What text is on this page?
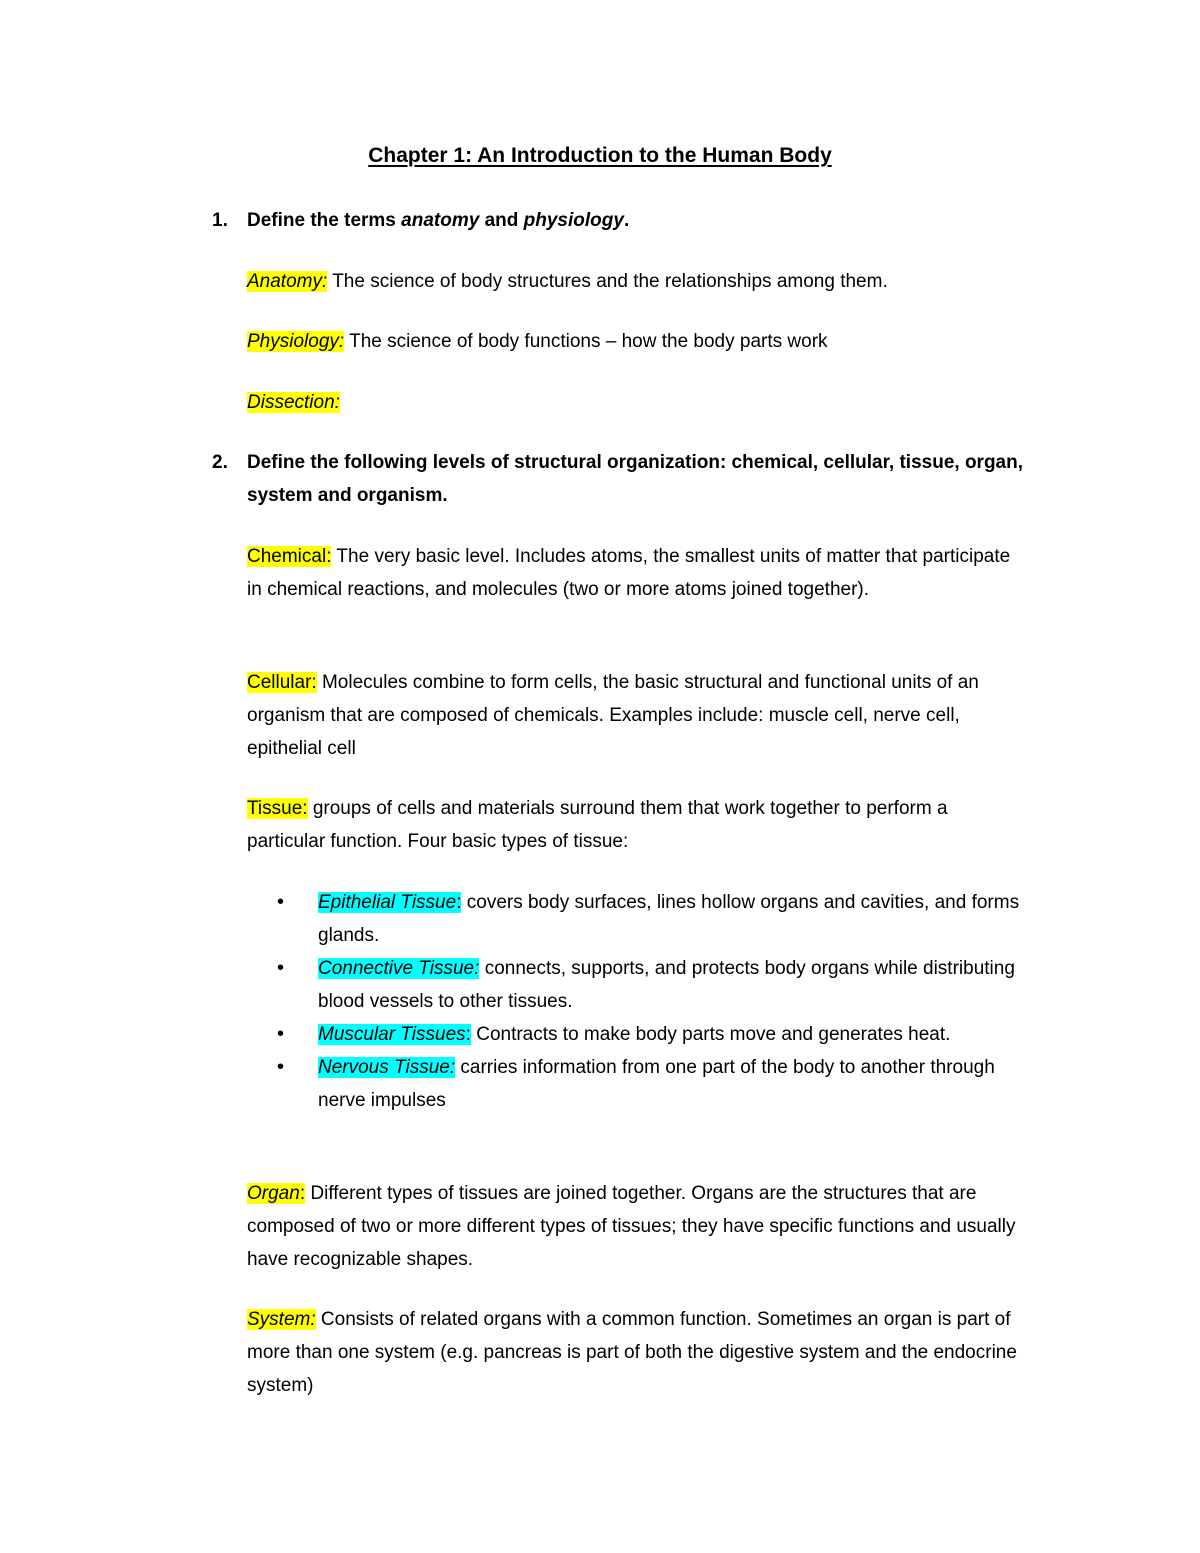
Chapter 1: An Introduction to the Human Body
1.	Define the terms anatomy and physiology.
Anatomy: The science of body structures and the relationships among them.
Physiology: The science of body functions – how the body parts work
Dissection:
2.	Define the following levels of structural organization: chemical, cellular, tissue, organ, system and organism.
Chemical: The very basic level. Includes atoms, the smallest units of matter that participate in chemical reactions, and molecules (two or more atoms joined together).
Cellular: Molecules combine to form cells, the basic structural and functional units of an organism that are composed of chemicals. Examples include: muscle cell, nerve cell, epithelial cell
Tissue: groups of cells and materials surround them that work together to perform a particular function. Four basic types of tissue:
• Epithelial Tissue: covers body surfaces, lines hollow organs and cavities, and forms glands.
• Connective Tissue: connects, supports, and protects body organs while distributing blood vessels to other tissues.
• Muscular Tissues: Contracts to make body parts move and generates heat.
• Nervous Tissue: carries information from one part of the body to another through nerve impulses
Organ: Different types of tissues are joined together. Organs are the structures that are composed of two or more different types of tissues; they have specific functions and usually have recognizable shapes.
System: Consists of related organs with a common function. Sometimes an organ is part of more than one system (e.g. pancreas is part of both the digestive system and the endocrine system)
